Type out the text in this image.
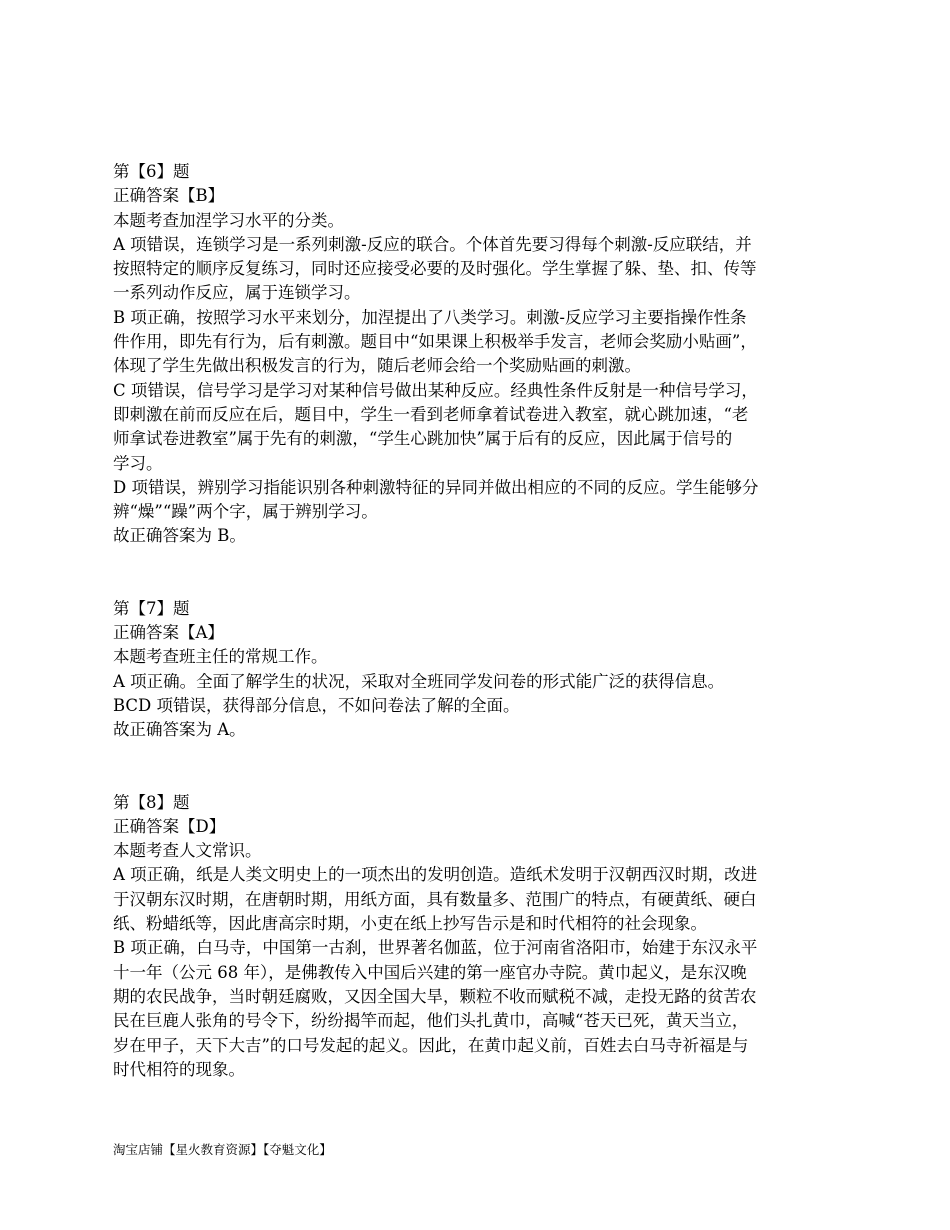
第【6】题

正确答案【B】

本题考查加涅学习水平的分类。

A 项错误，连锁学习是一系列刺激-反应的联合。个体首先要习得每个刺激-反应联结，并

按照特定的顺序反复练习，同时还应接受必要的及时强化。学生掌握了躲、垫、扣、传等

一系列动作反应，属于连锁学习。

B 项正确，按照学习水平来划分，加涅提出了八类学习。刺激-反应学习主要指操作性条

件作用，即先有行为，后有刺激。题目中“如果课上积极举手发言，老师会奖励小贴画”，

体现了学生先做出积极发言的行为，随后老师会给一个奖励贴画的刺激。

C 项错误，信号学习是学习对某种信号做出某种反应。经典性条件反射是一种信号学习，

即刺激在前而反应在后，题目中，学生一看到老师拿着试卷进入教室，就心跳加速，“老

师拿试卷进教室”属于先有的刺激，“学生心跳加快”属于后有的反应，因此属于信号的

学习。

D 项错误，辨别学习指能识别各种刺激特征的异同并做出相应的不同的反应。学生能够分

辨“燥”“躁”两个字，属于辨别学习。

故正确答案为 B。

第【7】题

正确答案【A】

本题考查班主任的常规工作。

A 项正确。全面了解学生的状况，采取对全班同学发问卷的形式能广泛的获得信息。

BCD 项错误，获得部分信息，不如问卷法了解的全面。

故正确答案为 A。

第【8】题

正确答案【D】

本题考查人文常识。

A 项正确，纸是人类文明史上的一项杰出的发明创造。造纸术发明于汉朝西汉时期，改进

于汉朝东汉时期，在唐朝时期，用纸方面，具有数量多、范围广的特点，有硬黄纸、硬白

纸、粉蜡纸等，因此唐高宗时期，小吏在纸上抄写告示是和时代相符的社会现象。

B 项正确，白马寺，中国第一古刹，世界著名伽蓝，位于河南省洛阳市，始建于东汉永平

十一年（公元 68 年），是佛教传入中国后兴建的第一座官办寺院。黄巾起义，是东汉晚

期的农民战争，当时朝廷腐败，又因全国大旱，颗粒不收而赋税不减，走投无路的贫苦农

民在巨鹿人张角的号令下，纷纷揭竿而起，他们头扎黄巾，高喊“苍天已死，黄天当立，

岁在甲子，天下大吉”的口号发起的起义。因此，在黄巾起义前，百姓去白马寺祈福是与

时代相符的现象。

淘宝店铺【星火教育资源】【夺魁文化】
